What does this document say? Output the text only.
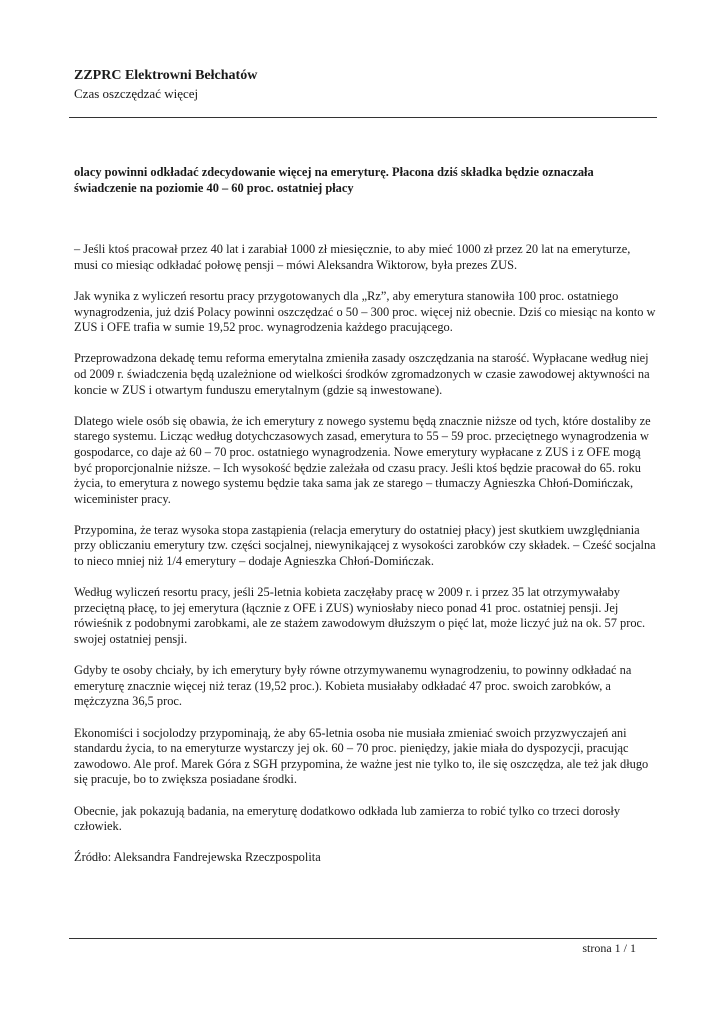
ZZPRC Elektrowni Bełchatów

Czas oszczędzać więcej

olacy powinni odkładać zdecydowanie więcej na emeryturę. Płacona dziś składka będzie oznaczała świadczenie na poziomie 40 – 60 proc. ostatniej płacy

– Jeśli ktoś pracował przez 40 lat i zarabiał 1000 zł miesięcznie, to aby mieć 1000 zł przez 20 lat na emeryturze, musi co miesiąc odkładać połowę pensji – mówi Aleksandra Wiktorow, była prezes ZUS.

Jak wynika z wyliczeń resortu pracy przygotowanych dla „Rz”, aby emerytura stanowiła 100 proc. ostatniego wynagrodzenia, już dziś Polacy powinni oszczędzać o 50 – 300 proc. więcej niż obecnie. Dziś co miesiąc na konto w ZUS i OFE trafia w sumie 19,52 proc. wynagrodzenia każdego pracującego.

Przeprowadzona dekadę temu reforma emerytalna zmieniła zasady oszczędzania na starość. Wypłacane według niej od 2009 r. świadczenia będą uzależnione od wielkości środków zgromadzonych w czasie zawodowej aktywności na koncie w ZUS i otwartym funduszu emerytalnym (gdzie są inwestowane).

Dlatego wiele osób się obawia, że ich emerytury z nowego systemu będą znacznie niższe od tych, które dostaliby ze starego systemu. Licząc według dotychczasowych zasad, emerytura to 55 – 59 proc. przeciętnego wynagrodzenia w gospodarce, co daje aż 60 – 70 proc. ostatniego wynagrodzenia. Nowe emerytury wypłacane z ZUS i z OFE mogą być proporcjonalnie niższe. – Ich wysokość będzie zależała od czasu pracy. Jeśli ktoś będzie pracował do 65. roku życia, to emerytura z nowego systemu będzie taka sama jak ze starego – tłumaczy Agnieszka Chłoń-Domińczak, wiceminister pracy.

Przypomina, że teraz wysoka stopa zastąpienia (relacja emerytury do ostatniej płacy) jest skutkiem uwzględniania przy obliczaniu emerytury tzw. części socjalnej, niewynikającej z wysokości zarobków czy składek. – Cześć socjalna to nieco mniej niż 1/4 emerytury – dodaje Agnieszka Chłoń-Domińczak.

Według wyliczeń resortu pracy, jeśli 25-letnia kobieta zaczęłaby pracę w 2009 r. i przez 35 lat otrzymywałaby przeciętną płacę, to jej emerytura (łącznie z OFE i ZUS) wyniosłaby nieco ponad 41 proc. ostatniej pensji. Jej rówieśnik z podobnymi zarobkami, ale ze stażem zawodowym dłuższym o pięć lat, może liczyć już na ok. 57 proc. swojej ostatniej pensji.

Gdyby te osoby chciały, by ich emerytury były równe otrzymywanemu wynagrodzeniu, to powinny odkładać na emeryturę znacznie więcej niż teraz (19,52 proc.). Kobieta musiałaby odkładać 47 proc. swoich zarobków, a mężczyzna 36,5 proc.

Ekonomiści i socjolodzy przypominają, że aby 65-letnia osoba nie musiała zmieniać swoich przyzwyczajeń ani standardu życia, to na emeryturze wystarczy jej ok. 60 – 70 proc. pieniędzy, jakie miała do dyspozycji, pracując zawodowo. Ale prof. Marek Góra z SGH przypomina, że ważne jest nie tylko to, ile się oszczędza, ale też jak długo się pracuje, bo to zwiększa posiadane środki.

Obecnie, jak pokazują badania, na emeryturę dodatkowo odkłada lub zamierza to robić tylko co trzeci dorosły człowiek.

Źródło: Aleksandra Fandrejewska Rzeczpospolita

strona 1 / 1
